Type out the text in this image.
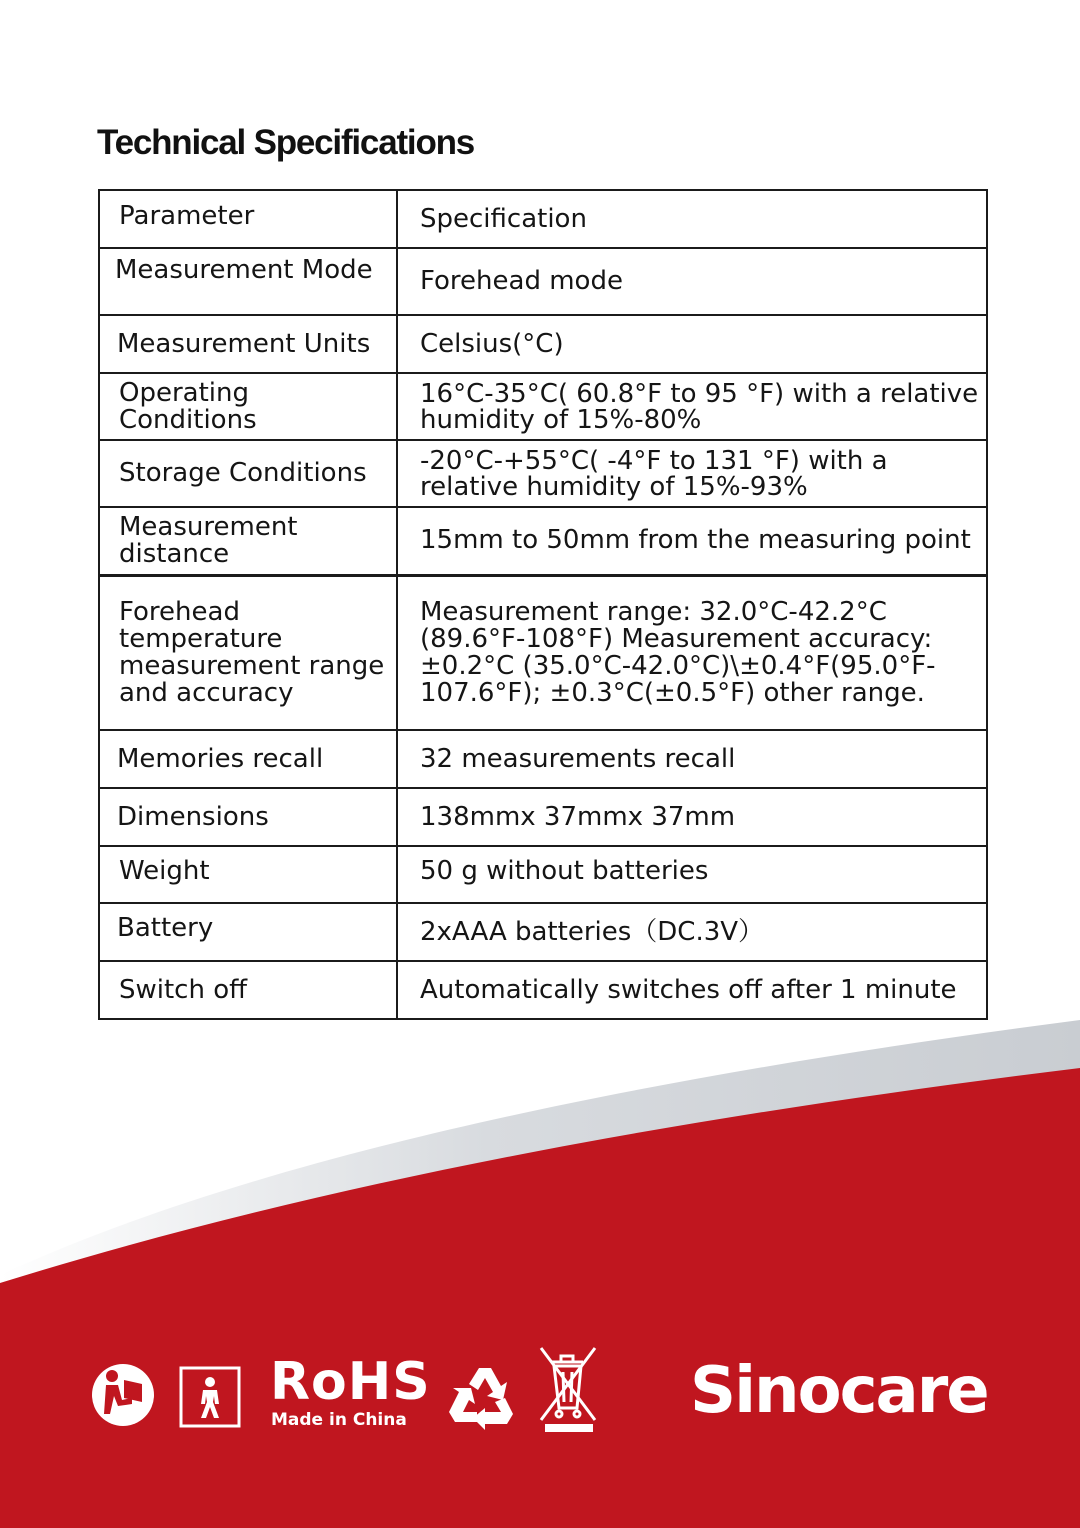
Technical Specifications
Parameter	Specification

Measurement Mode	Forehead mode

Measurement Units	Celsius(°C)

Operating Conditions	16°C-35°C( 60.8°F to 95 °F) with a relative humidity of 15%-80%

Storage Conditions	-20°C-+55°C( -4°F to 131 °F) with a relative humidity of 15%-93%

Measurement distance	15mm to 50mm from the measuring point

Forehead temperature measurement range and accuracy	Measurement range: 32.0°C-42.2°C (89.6°F-108°F) Measurement accuracy: ±0.2°C (35.0°C-42.0°C)\±0.4°F(95.0°F-107.6°F); ±0.3°C(±0.5°F) other range.

Memories recall	32 measurements recall

Dimensions	138mmx 37mmx 37mm

Weight	50 g without batteries

Battery	2xAAA batteries（DC.3V）

Switch off	Automatically switches off after 1 minute
RoHS
Made in China	Sinocare
